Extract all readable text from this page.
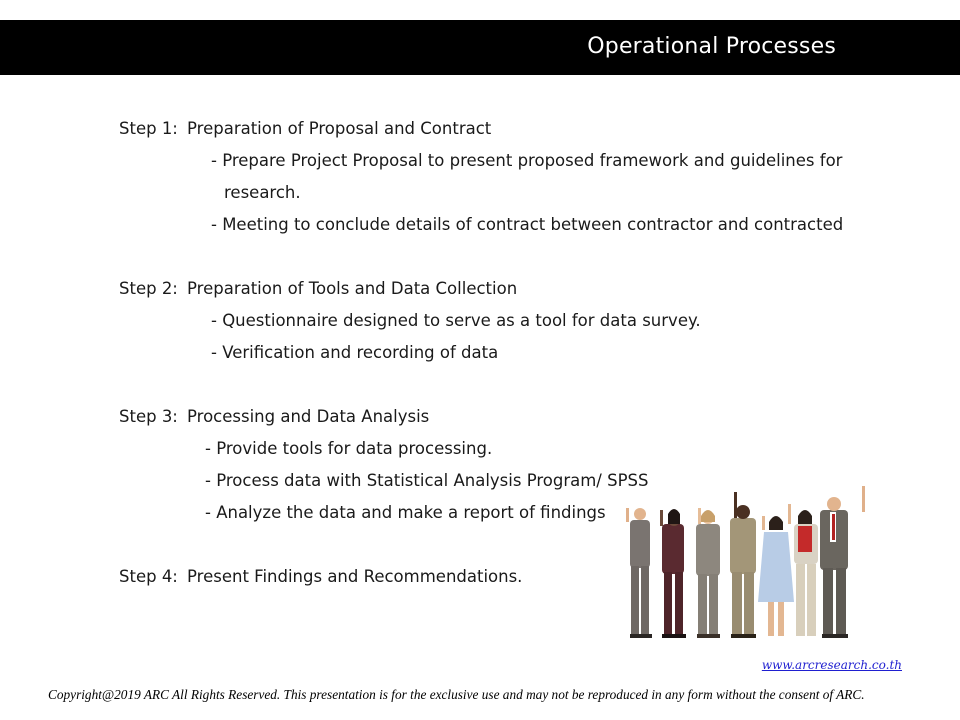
Operational Processes
Step 1: Preparation of Proposal and Contract
- Prepare Project Proposal to present proposed framework and guidelines for
research.
- Meeting to conclude details of contract between contractor and contracted
Step 2: Preparation of Tools and Data Collection
- Questionnaire designed to serve as a tool for data survey.
- Verification and recording of data
Step 3: Processing and Data Analysis
- Provide tools for data processing.
- Process data with Statistical Analysis Program/ SPSS
- Analyze the data and make a report of findings
Step 4: Present Findings and Recommendations.
www.arcresearch.co.th
Copyright@2019 ARC All Rights Reserved. This presentation is for the exclusive use and may not be reproduced in any form without the consent of ARC.
